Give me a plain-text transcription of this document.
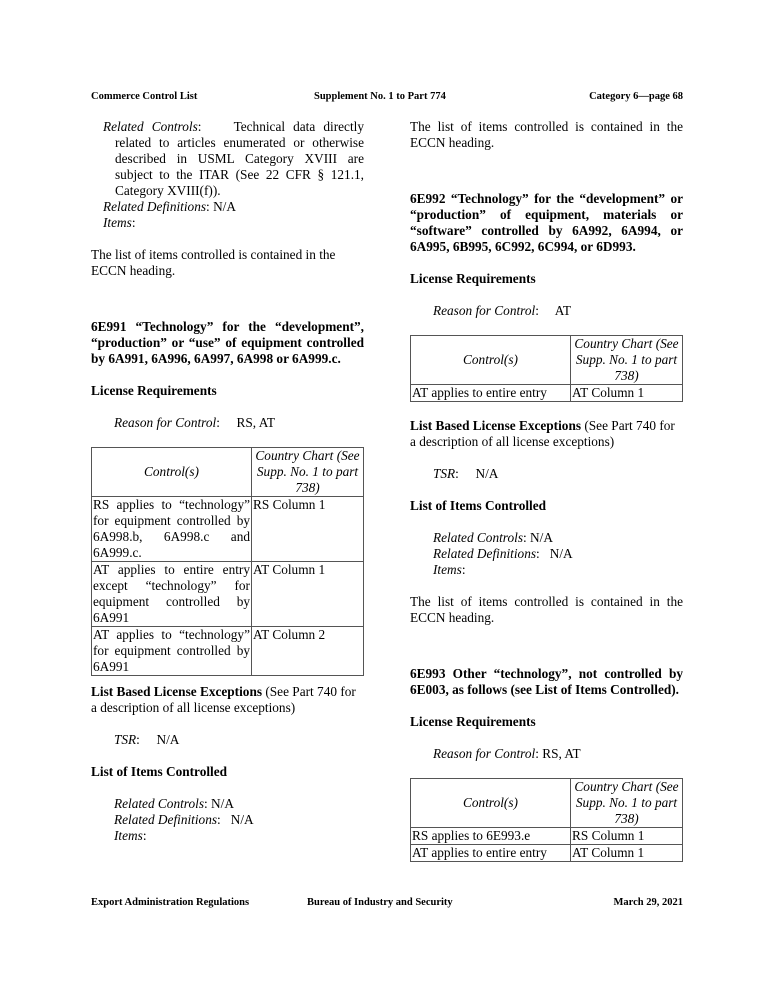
Commerce Control List	Supplement No. 1 to Part 774	Category 6—page 68

Related Controls:    Technical data directly related to articles enumerated or otherwise described in USML Category XVIII are subject to the ITAR (See 22 CFR § 121.1, Category XVIII(f)).

Related Definitions: N/A

Items:

The list of items controlled is contained in the ECCN heading.

6E991 “Technology” for the “development”, “production” or “use” of equipment controlled by 6A991, 6A996, 6A997, 6A998 or 6A999.c.

License Requirements

Reason for Control:     RS, AT

Control(s)	Country Chart (See Supp. No. 1 to part 738)
RS applies to “technology” for equipment controlled by 6A998.b, 6A998.c and 6A999.c.	RS Column 1
AT applies to entire entry except “technology” for equipment controlled by 6A991	AT Column 1
AT applies to “technology” for equipment controlled by 6A991	AT Column 2

List Based License Exceptions (See Part 740 for a description of all license exceptions)

TSR:     N/A

List of Items Controlled

Related Controls: N/A

Related Definitions:   N/A

Items:

The list of items controlled is contained in the ECCN heading.

6E992 “Technology” for the “development” or “production” of equipment, materials or “software” controlled by 6A992, 6A994, or 6A995, 6B995, 6C992, 6C994, or 6D993.

License Requirements

Reason for Control:     AT

Control(s)	Country Chart (See Supp. No. 1 to part 738)
AT applies to entire entry	AT Column 1

List Based License Exceptions (See Part 740 for a description of all license exceptions)

TSR:     N/A

List of Items Controlled

Related Controls: N/A

Related Definitions:   N/A

Items:

The list of items controlled is contained in the ECCN heading.

6E993 Other “technology”, not controlled by 6E003, as follows (see List of Items Controlled).

License Requirements

Reason for Control: RS, AT

Control(s)	Country Chart (See Supp. No. 1 to part 738)
RS applies to 6E993.e	RS Column 1
AT applies to entire entry	AT Column 1
Export Administration Regulations	Bureau of Industry and Security	March 29, 2021
